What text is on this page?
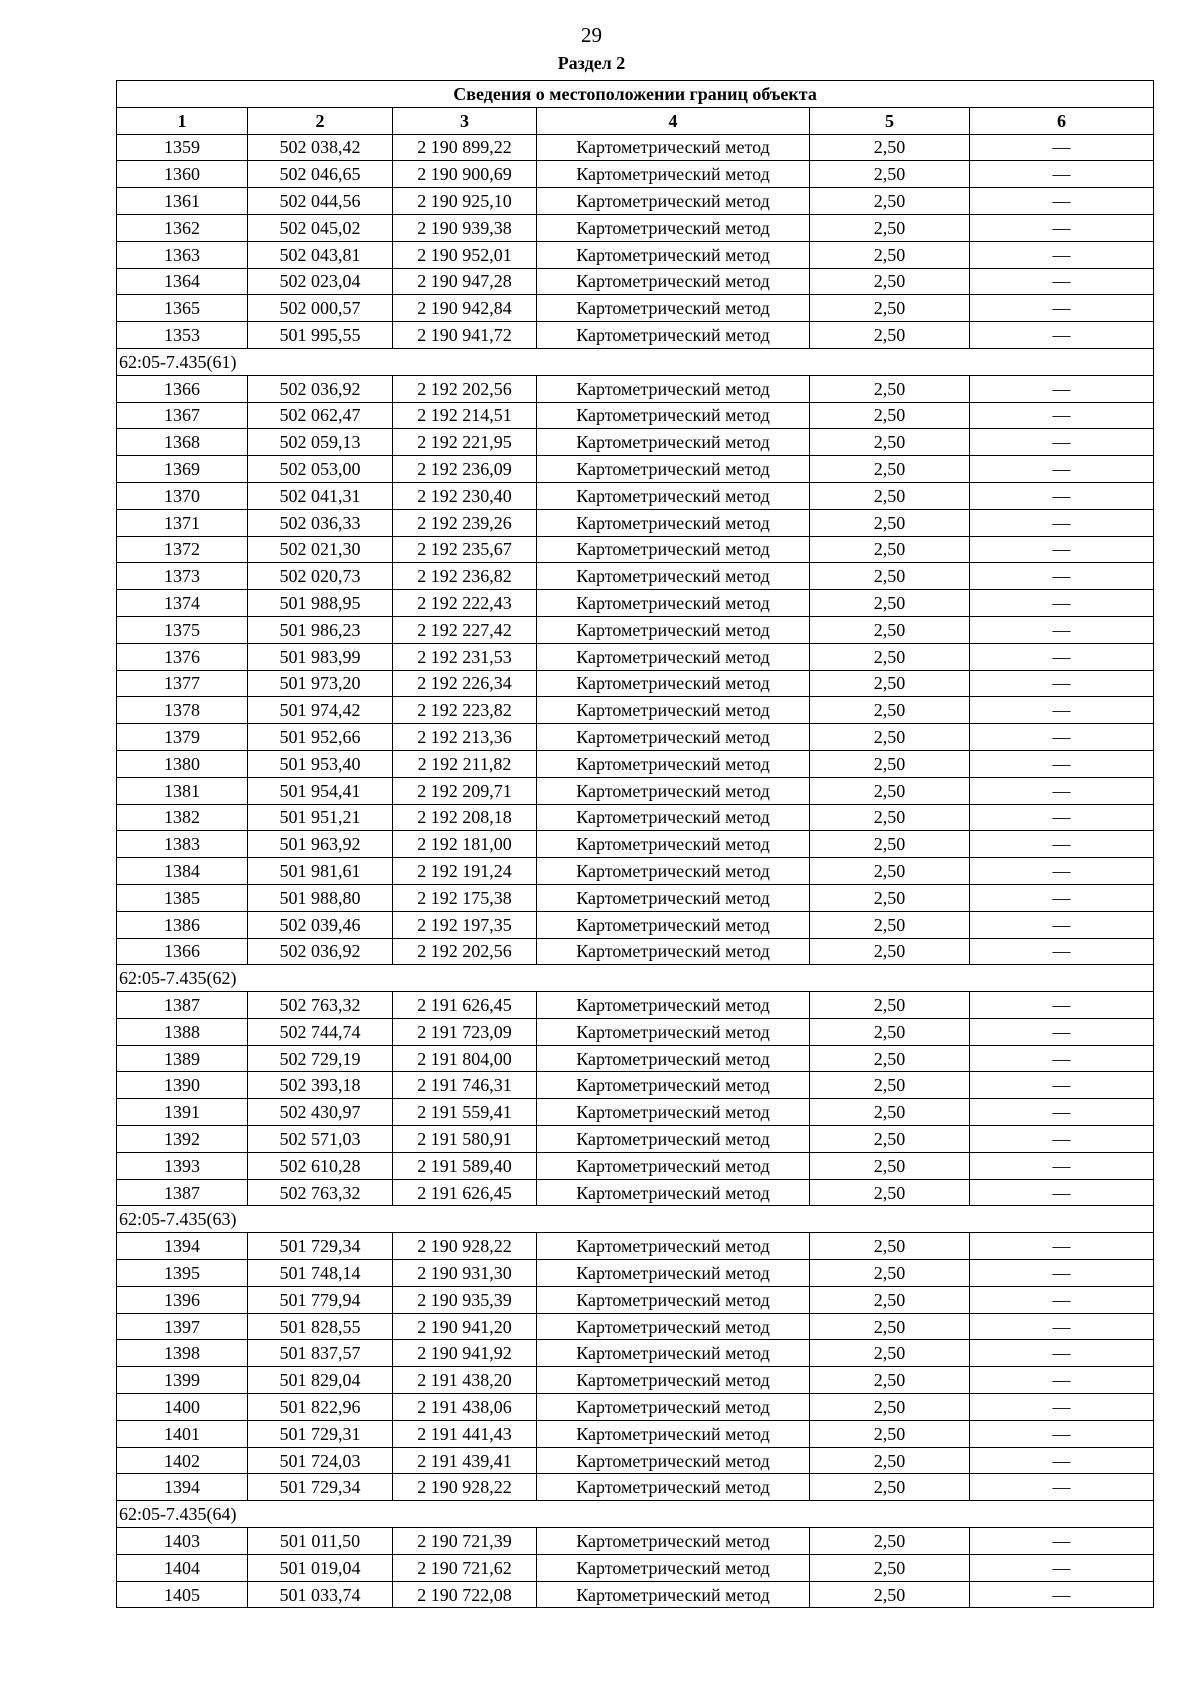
29
Раздел 2
Сведения о местоположении границ объекта					
1	2	3	4	5	6
1359	502 038,42	2 190 899,22	Картометрический метод	2,50	—
1360	502 046,65	2 190 900,69	Картометрический метод	2,50	—
1361	502 044,56	2 190 925,10	Картометрический метод	2,50	—
1362	502 045,02	2 190 939,38	Картометрический метод	2,50	—
1363	502 043,81	2 190 952,01	Картометрический метод	2,50	—
1364	502 023,04	2 190 947,28	Картометрический метод	2,50	—
1365	502 000,57	2 190 942,84	Картометрический метод	2,50	—
1353	501 995,55	2 190 941,72	Картометрический метод	2,50	—
62:05-7.435(61)					
1366	502 036,92	2 192 202,56	Картометрический метод	2,50	—
1367	502 062,47	2 192 214,51	Картометрический метод	2,50	—
1368	502 059,13	2 192 221,95	Картометрический метод	2,50	—
1369	502 053,00	2 192 236,09	Картометрический метод	2,50	—
1370	502 041,31	2 192 230,40	Картометрический метод	2,50	—
1371	502 036,33	2 192 239,26	Картометрический метод	2,50	—
1372	502 021,30	2 192 235,67	Картометрический метод	2,50	—
1373	502 020,73	2 192 236,82	Картометрический метод	2,50	—
1374	501 988,95	2 192 222,43	Картометрический метод	2,50	—
1375	501 986,23	2 192 227,42	Картометрический метод	2,50	—
1376	501 983,99	2 192 231,53	Картометрический метод	2,50	—
1377	501 973,20	2 192 226,34	Картометрический метод	2,50	—
1378	501 974,42	2 192 223,82	Картометрический метод	2,50	—
1379	501 952,66	2 192 213,36	Картометрический метод	2,50	—
1380	501 953,40	2 192 211,82	Картометрический метод	2,50	—
1381	501 954,41	2 192 209,71	Картометрический метод	2,50	—
1382	501 951,21	2 192 208,18	Картометрический метод	2,50	—
1383	501 963,92	2 192 181,00	Картометрический метод	2,50	—
1384	501 981,61	2 192 191,24	Картометрический метод	2,50	—
1385	501 988,80	2 192 175,38	Картометрический метод	2,50	—
1386	502 039,46	2 192 197,35	Картометрический метод	2,50	—
1366	502 036,92	2 192 202,56	Картометрический метод	2,50	—
62:05-7.435(62)					
1387	502 763,32	2 191 626,45	Картометрический метод	2,50	—
1388	502 744,74	2 191 723,09	Картометрический метод	2,50	—
1389	502 729,19	2 191 804,00	Картометрический метод	2,50	—
1390	502 393,18	2 191 746,31	Картометрический метод	2,50	—
1391	502 430,97	2 191 559,41	Картометрический метод	2,50	—
1392	502 571,03	2 191 580,91	Картометрический метод	2,50	—
1393	502 610,28	2 191 589,40	Картометрический метод	2,50	—
1387	502 763,32	2 191 626,45	Картометрический метод	2,50	—
62:05-7.435(63)					
1394	501 729,34	2 190 928,22	Картометрический метод	2,50	—
1395	501 748,14	2 190 931,30	Картометрический метод	2,50	—
1396	501 779,94	2 190 935,39	Картометрический метод	2,50	—
1397	501 828,55	2 190 941,20	Картометрический метод	2,50	—
1398	501 837,57	2 190 941,92	Картометрический метод	2,50	—
1399	501 829,04	2 191 438,20	Картометрический метод	2,50	—
1400	501 822,96	2 191 438,06	Картометрический метод	2,50	—
1401	501 729,31	2 191 441,43	Картометрический метод	2,50	—
1402	501 724,03	2 191 439,41	Картометрический метод	2,50	—
1394	501 729,34	2 190 928,22	Картометрический метод	2,50	—
62:05-7.435(64)					
1403	501 011,50	2 190 721,39	Картометрический метод	2,50	—
1404	501 019,04	2 190 721,62	Картометрический метод	2,50	—
1405	501 033,74	2 190 722,08	Картометрический метод	2,50	—
